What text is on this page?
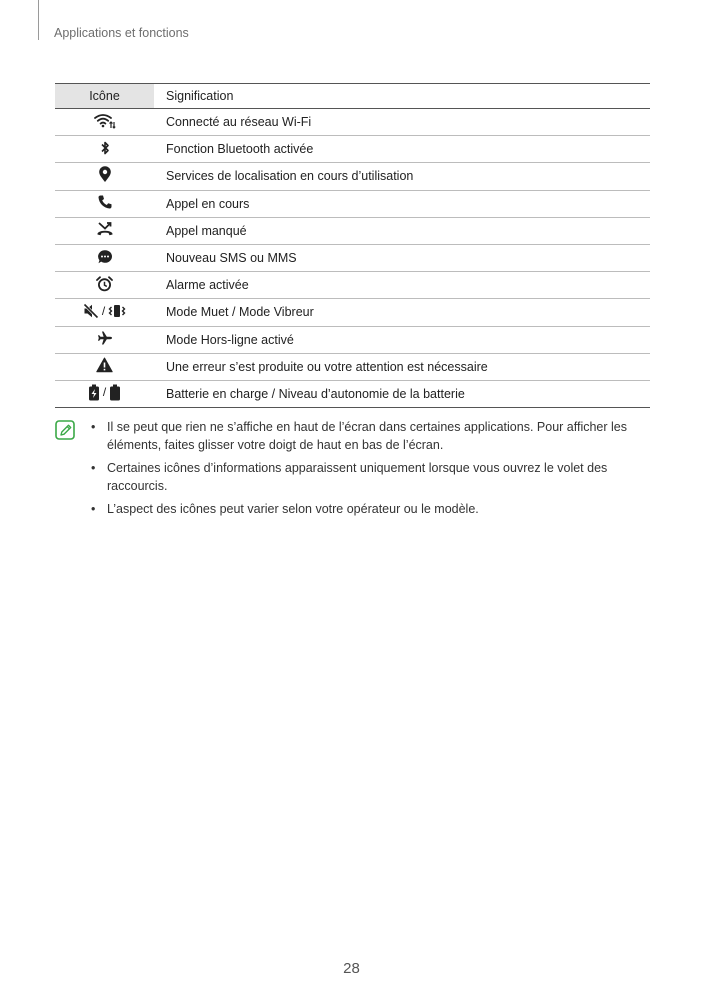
Applications et fonctions
Icône	Signification

	Connecté au réseau Wi-Fi

	Fonction Bluetooth activée

	Services de localisation en cours d’utilisation

	Appel en cours

	Appel manqué

	Nouveau SMS ou MMS

	Alarme activée

/	Mode Muet / Mode Vibreur

	Mode Hors-ligne activé

	Une erreur s’est produite ou votre attention est nécessaire

/	Batterie en charge / Niveau d’autonomie de la batterie
• Il se peut que rien ne s’affiche en haut de l’écran dans certaines applications. Pour afficher les éléments, faites glisser votre doigt de haut en bas de l’écran.
• Certaines icônes d’informations apparaissent uniquement lorsque vous ouvrez le volet des raccourcis.
• L’aspect des icônes peut varier selon votre opérateur ou le modèle.
28
